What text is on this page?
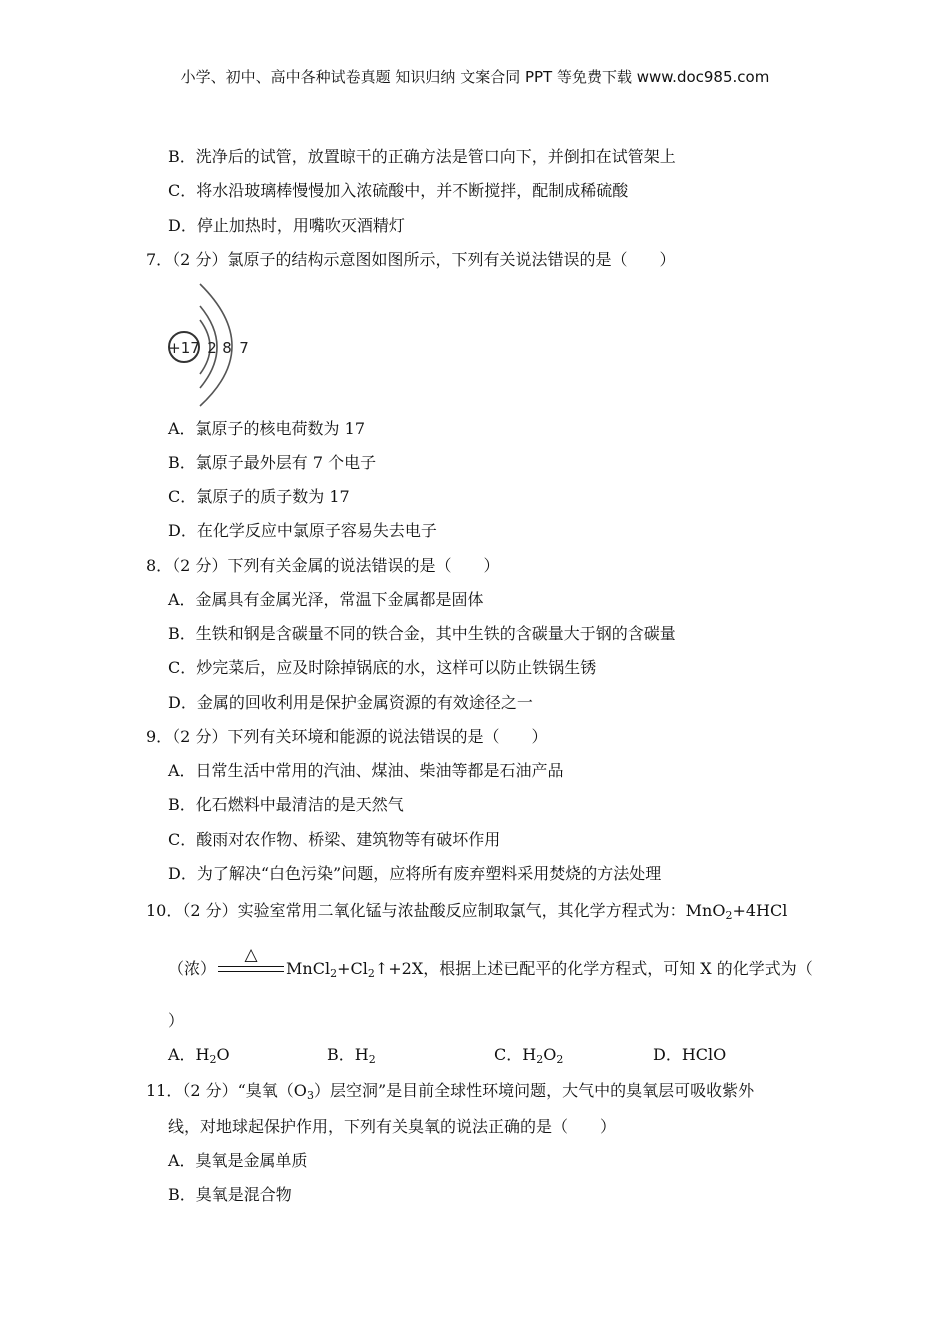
小学、初中、高中各种试卷真题 知识归纳 文案合同 PPT 等免费下载 www.doc985.com
B．洗净后的试管，放置晾干的正确方法是管口向下，并倒扣在试管架上
C．将水沿玻璃棒慢慢加入浓硫酸中，并不断搅拌，配制成稀硫酸
D．停止加热时，用嘴吹灭酒精灯
7．（2 分）氯原子的结构示意图如图所示，下列有关说法错误的是（　　）
+17 2 8 7
A．氯原子的核电荷数为 17
B．氯原子最外层有 7 个电子
C．氯原子的质子数为 17
D．在化学反应中氯原子容易失去电子
8．（2 分）下列有关金属的说法错误的是（　　）
A．金属具有金属光泽，常温下金属都是固体
B．生铁和钢是含碳量不同的铁合金，其中生铁的含碳量大于钢的含碳量
C．炒完菜后，应及时除掉锅底的水，这样可以防止铁锅生锈
D．金属的回收利用是保护金属资源的有效途径之一
9．（2 分）下列有关环境和能源的说法错误的是（　　）
A．日常生活中常用的汽油、煤油、柴油等都是石油产品
B．化石燃料中最清洁的是天然气
C．酸雨对农作物、桥梁、建筑物等有破坏作用
D．为了解决“白色污染”问题，应将所有废弃塑料采用焚烧的方法处理
10．（2 分）实验室常用二氧化锰与浓盐酸反应制取氯气，其化学方程式为：MnO$_2$+4HCl
（浓）
△
$MnCl_2+Cl_2↑+2X$，根据上述已配平的化学方程式，可知 X 的化学式为（
）
A．$H_2O$	B．$H_2$	C．$H_2O_2$	D．HClO
11．（2 分）“臭氧$(O_3)$层空洞”是目前全球性环境问题，大气中的臭氧层可吸收紫外
线，对地球起保护作用，下列有关臭氧的说法正确的是（　　）
A．臭氧是金属单质
B．臭氧是混合物
